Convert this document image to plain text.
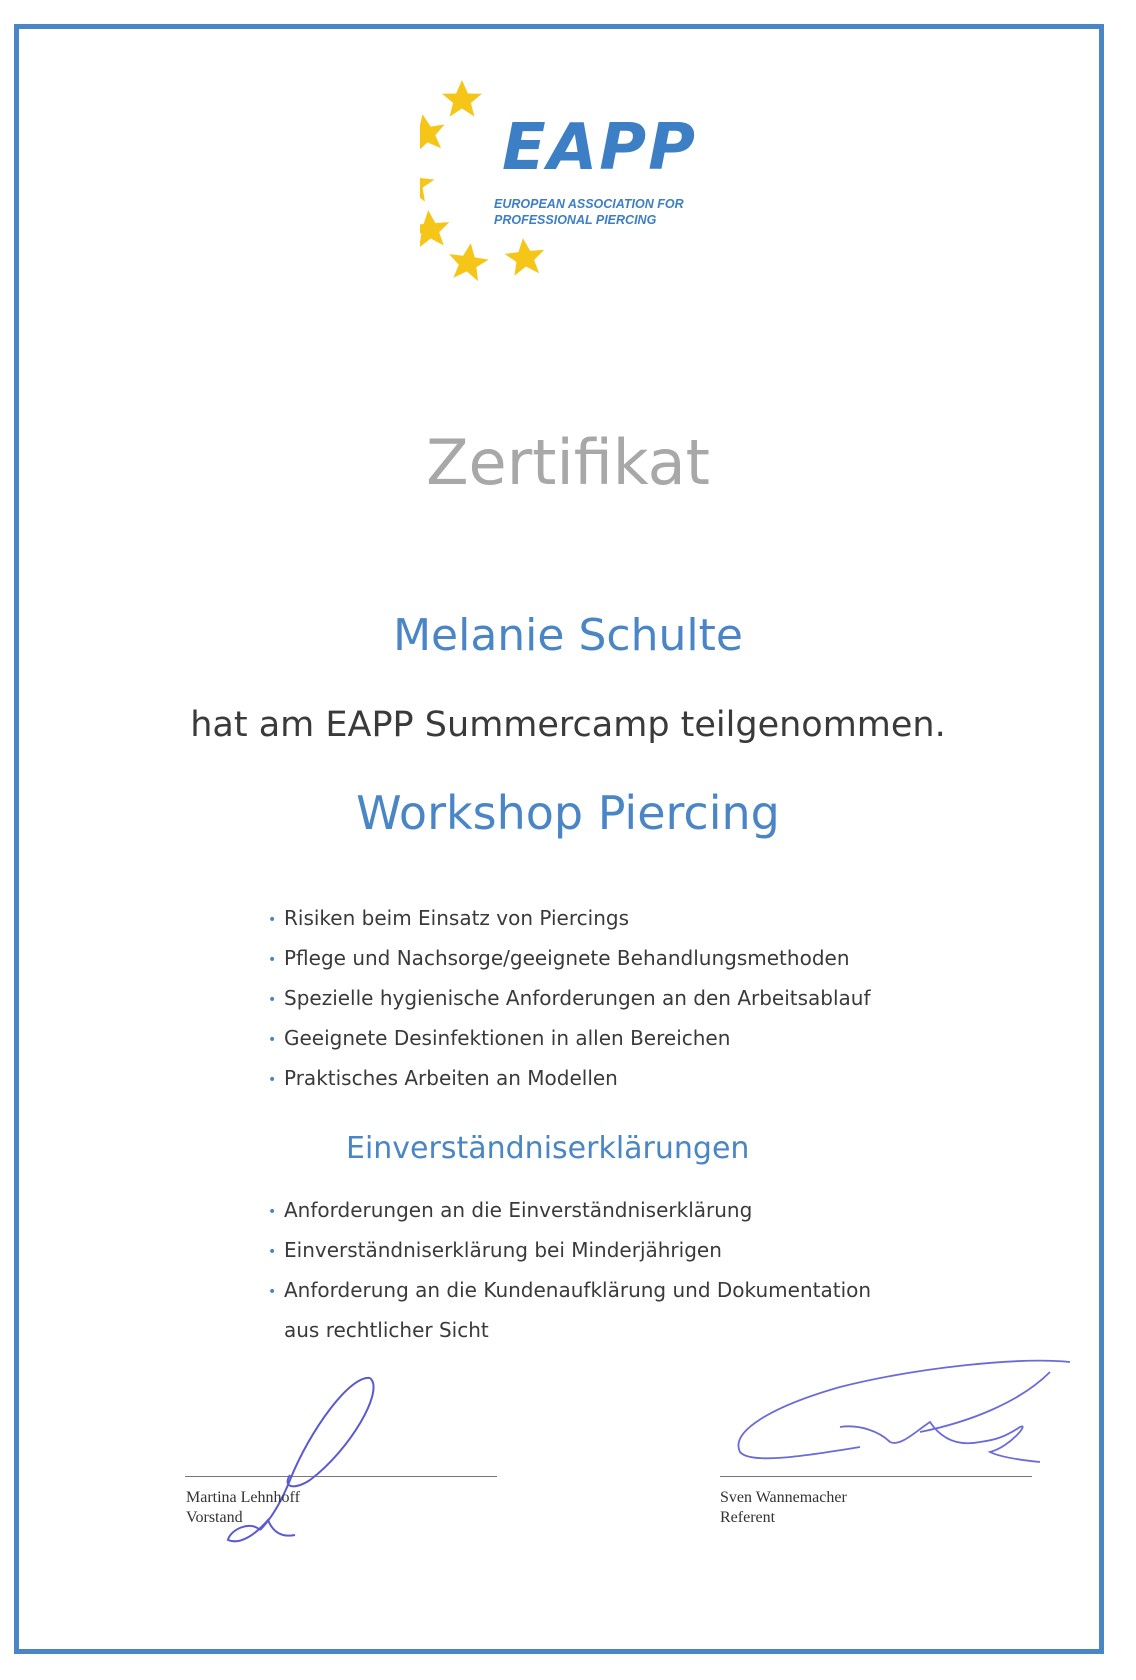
EAPP
EUROPEAN ASSOCIATION FOR
PROFESSIONAL PIERCING
Zertifikat
Melanie Schulte
hat am EAPP Summercamp teilgenommen.
Workshop Piercing
• Risiken beim Einsatz von Piercings
• Pflege und Nachsorge/geeignete Behandlungsmethoden
• Spezielle hygienische Anforderungen an den Arbeitsablauf
• Geeignete Desinfektionen in allen Bereichen
• Praktisches Arbeiten an Modellen
Einverständniserklärungen
• Anforderungen an die Einverständniserklärung
• Einverständniserklärung bei Minderjährigen
• Anforderung an die Kundenaufklärung und Dokumentation
aus rechtlicher Sicht
Martina Lehnhoff
Vorstand
Sven Wannemacher
Referent
